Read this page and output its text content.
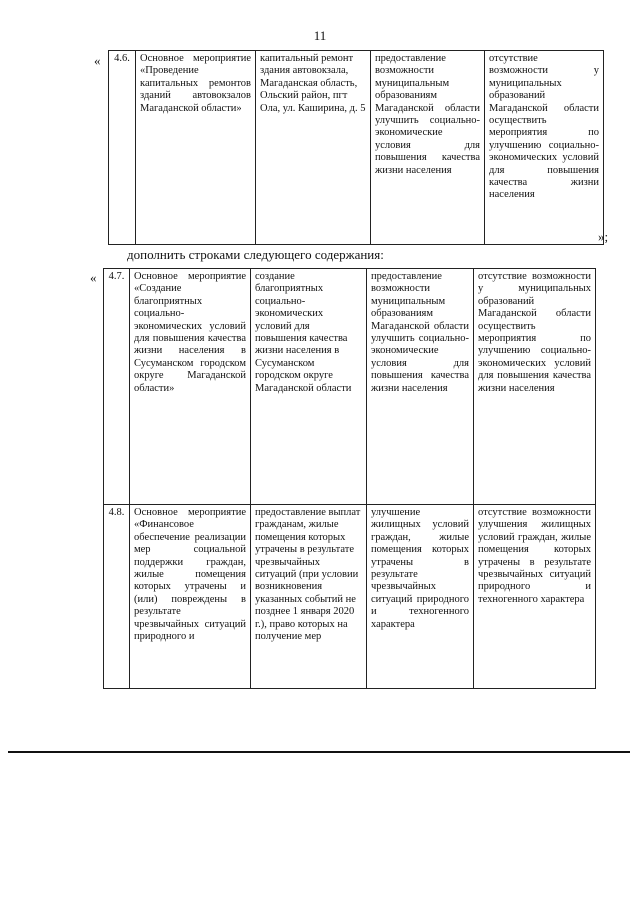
11
« 4.6.	Основное мероприятие «Проведение капитальных ремонтов зданий автовокзалов Магаданской области»	капитальный ремонт здания автовокзала, Магаданская область, Ольский район, пгт Ола, ул. Каширина, д. 5	предоставление возможности муниципальным образованиям Магаданской области улучшить социально-экономические условия для повышения качества жизни населения	отсутствие возможности у муниципальных образований Магаданской области осуществить мероприятия по улучшению социально-экономических условий для повышения качества жизни населения
»;
дополнить строками следующего содержания:
« 4.7.	Основное мероприятие «Создание благоприятных социально-экономических условий для повышения качества жизни населения в Сусуманском городском округе Магаданской области»	создание благоприятных социально-экономических условий для повышения качества жизни населения в Сусуманском городском округе Магаданской области	предоставление возможности муниципальным образованиям Магаданской области улучшить социально-экономические условия для повышения качества жизни населения	отсутствие возможности у муниципальных образований Магаданской области осуществить мероприятия по улучшению социально-экономических условий для повышения качества жизни населения
4.8.	Основное мероприятие «Финансовое обеспечение реализации мер социальной поддержки граждан, жилые помещения которых утрачены и (или) повреждены в результате чрезвычайных ситуаций природного и	предоставление выплат гражданам, жилые помещения которых утрачены в результате чрезвычайных ситуаций (при условии возникновения указанных событий не позднее 1 января 2020 г.), право которых на получение мер	улучшение жилищных условий граждан, жилые помещения которых утрачены в результате чрезвычайных ситуаций природного и техногенного характера	отсутствие возможности улучшения жилищных условий граждан, жилые помещения которых утрачены в результате чрезвычайных ситуаций природного и техногенного характера
